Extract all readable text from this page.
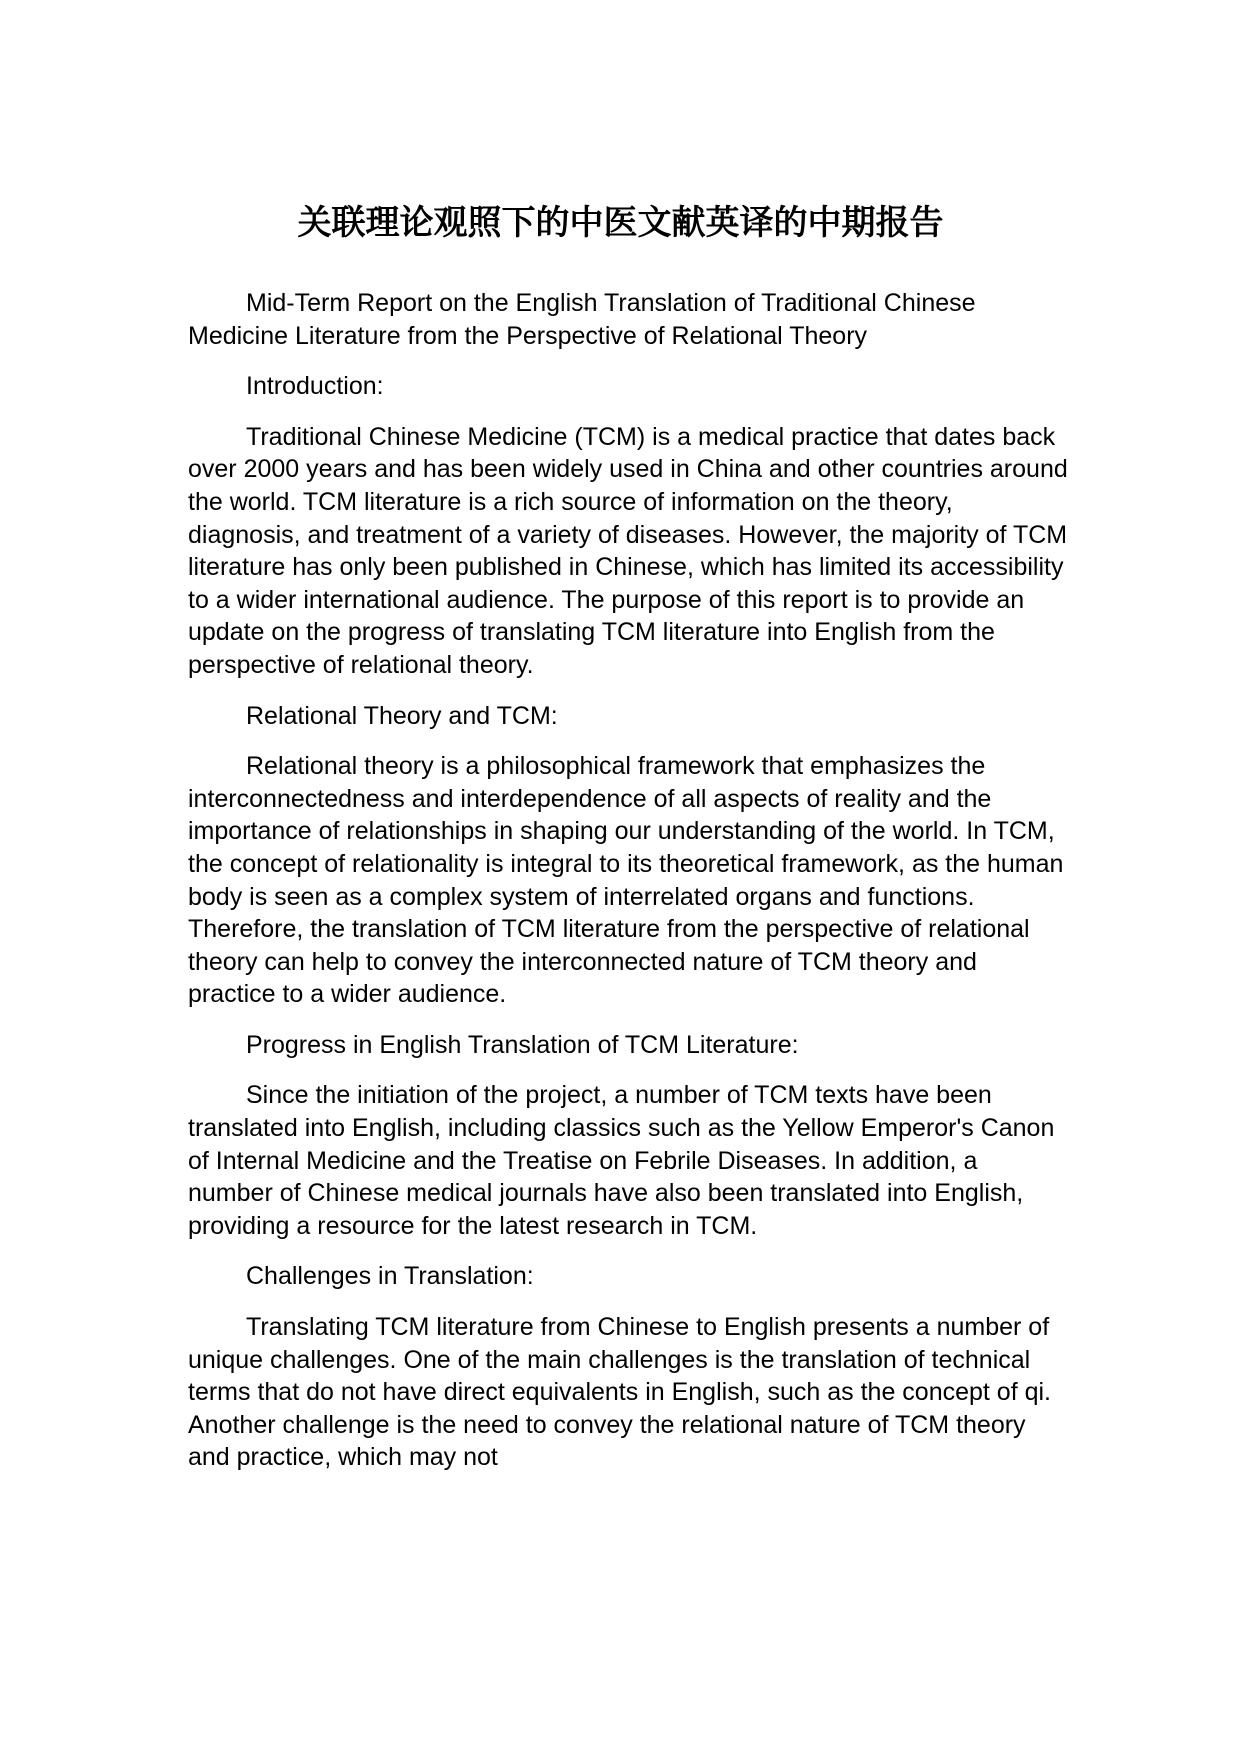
关联理论观照下的中医文献英译的中期报告

Mid-Term Report on the English Translation of Traditional Chinese Medicine Literature from the Perspective of Relational Theory

Introduction:

Traditional Chinese Medicine (TCM) is a medical practice that dates back over 2000 years and has been widely used in China and other countries around the world. TCM literature is a rich source of information on the theory, diagnosis, and treatment of a variety of diseases. However, the majority of TCM literature has only been published in Chinese, which has limited its accessibility to a wider international audience. The purpose of this report is to provide an update on the progress of translating TCM literature into English from the perspective of relational theory.

Relational Theory and TCM:

Relational theory is a philosophical framework that emphasizes the interconnectedness and interdependence of all aspects of reality and the importance of relationships in shaping our understanding of the world. In TCM, the concept of relationality is integral to its theoretical framework, as the human body is seen as a complex system of interrelated organs and functions. Therefore, the translation of TCM literature from the perspective of relational theory can help to convey the interconnected nature of TCM theory and practice to a wider audience.

Progress in English Translation of TCM Literature:

Since the initiation of the project, a number of TCM texts have been translated into English, including classics such as the Yellow Emperor's Canon of Internal Medicine and the Treatise on Febrile Diseases. In addition, a number of Chinese medical journals have also been translated into English, providing a resource for the latest research in TCM.

Challenges in Translation:

Translating TCM literature from Chinese to English presents a number of unique challenges. One of the main challenges is the translation of technical terms that do not have direct equivalents in English, such as the concept of qi. Another challenge is the need to convey the relational nature of TCM theory and practice, which may not
